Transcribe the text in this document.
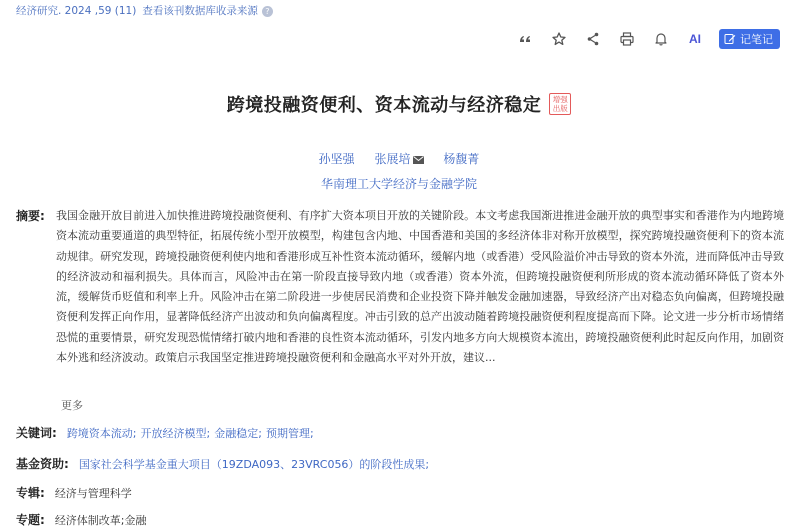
经济研究. 2024 ,59 (11) 查看该刊数据库收录来源 ?
AI	记笔记
跨境投融资便利、资本流动与经济稳定 增强出版
孙坚强 张展培	杨馥菁
华南理工大学经济与金融学院
摘要: 我国金融开放目前进入加快推进跨境投融资便利、有序扩大资本项目开放的关键阶段。本文考虑我国渐进推进金融开放的典型事实和香港作为内地跨境资本流动重要通道的典型特征，拓展传统小型开放模型，构建包含内地、中国香港和美国的多经济体非对称开放模型，探究跨境投融资便利下的资本流动规律。研究发现，跨境投融资便利使内地和香港形成互补性资本流动循环，缓解内地（或香港）受风险溢价冲击导致的资本外流，进而降低冲击导致的经济波动和福利损失。具体而言，风险冲击在第一阶段直接导致内地（或香港）资本外流，但跨境投融资便利所形成的资本流动循环降低了资本外流，缓解货币贬值和利率上升。风险冲击在第二阶段进一步使居民消费和企业投资下降并触发金融加速器，导致经济产出对稳态负向偏离，但跨境投融资便利发挥正向作用，显著降低经济产出波动和负向偏离程度。冲击引致的总产出波动随着跨境投融资便利程度提高而下降。论文进一步分析市场情绪恐慌的重要情景，研究发现恐慌情绪打破内地和香港的良性资本流动循环，引发内地多方向大规模资本流出，跨境投融资便利此时起反向作用，加剧资本外逃和经济波动。政策启示我国坚定推进跨境投融资便利和金融高水平对外开放，建议...
更多
关键词: 跨境资本流动; 开放经济模型; 金融稳定; 预期管理;
基金资助: 国家社会科学基金重大项目（19ZDA093、23VRC056）的阶段性成果;
专辑: 经济与管理科学
专题: 经济体制改革;金融
